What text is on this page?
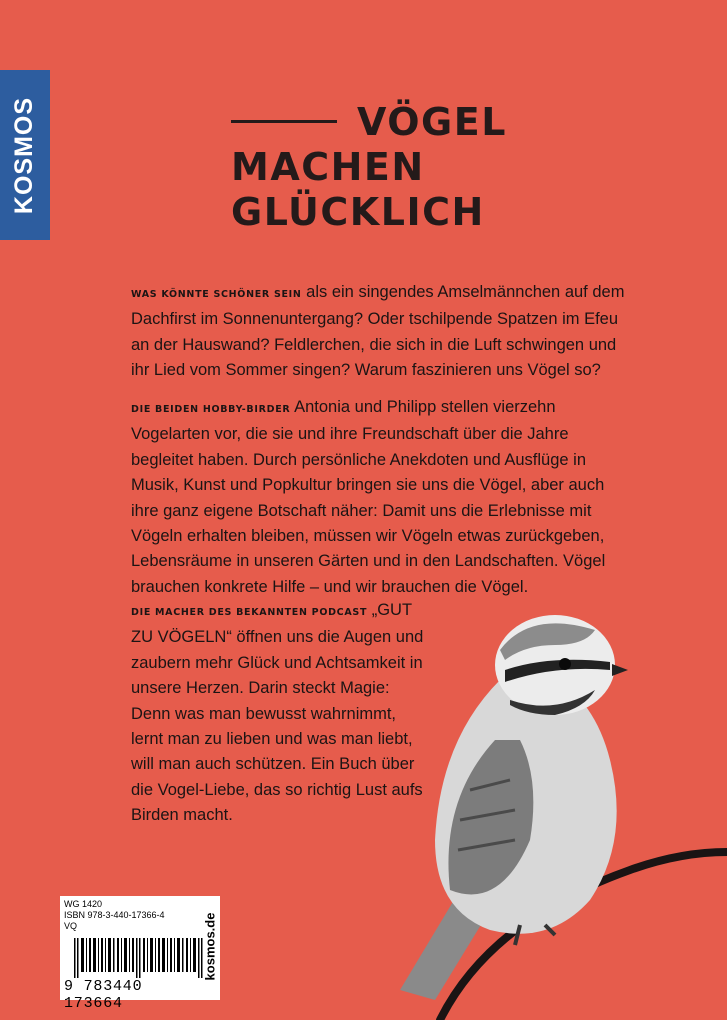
KOSMOS	VÖGEL
MACHEN
GLÜCKLICH
WAS KÖNNTE SCHÖNER SEIN als ein singendes Amselmännchen auf dem Dachfirst im Sonnenuntergang? Oder tschilpende Spatzen im Efeu an der Hauswand? Feldlerchen, die sich in die Luft schwingen und ihr Lied vom Sommer singen? Warum faszinieren uns Vögel so?
DIE BEIDEN HOBBY-BIRDER Antonia und Philipp stellen vierzehn Vogelarten vor, die sie und ihre Freundschaft über die Jahre begleitet haben. Durch persönliche Anekdoten und Ausflüge in Musik, Kunst und Popkultur bringen sie uns die Vögel, aber auch ihre ganz eigene Botschaft näher: Damit uns die Erlebnisse mit Vögeln erhalten bleiben, müssen wir Vögeln etwas zurückgeben, Lebensräume in unseren Gärten und in den Landschaften. Vögel brauchen konkrete Hilfe – und wir brauchen die Vögel.
DIE MACHER DES BEKANNTEN PODCAST „GUT ZU VÖGELN“ öffnen uns die Augen und zaubern mehr Glück und Achtsamkeit in unsere Herzen. Darin steckt Magie: Denn was man bewusst wahrnimmt, lernt man zu lieben und was man liebt, will man auch schützen. Ein Buch über die Vogel-Liebe, das so richtig Lust aufs Birden macht.
WG 1420
ISBN 978-3-440-17366-4
VQ
9 783440 173664
kosmos.de
